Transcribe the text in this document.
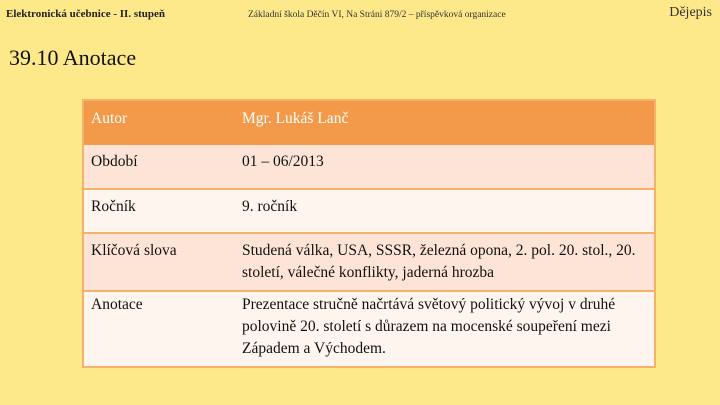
Elektronická učebnice - II. stupeň	Základní škola Děčín VI, Na Stráni 879/2 – příspěvková organizace	Dějepis
39.10 Anotace
Autor	Mgr. Lukáš Lanč
Období	01 – 06/2013
Ročník	9. ročník
Klíčová slova	Studená válka, USA, SSSR, železná opona, 2. pol. 20. stol., 20. století, válečné konflikty, jaderná hrozba
Anotace	Prezentace stručně načrtává světový politický vývoj v druhé polovině 20. století s důrazem na mocenské soupeření mezi Západem a Východem.
